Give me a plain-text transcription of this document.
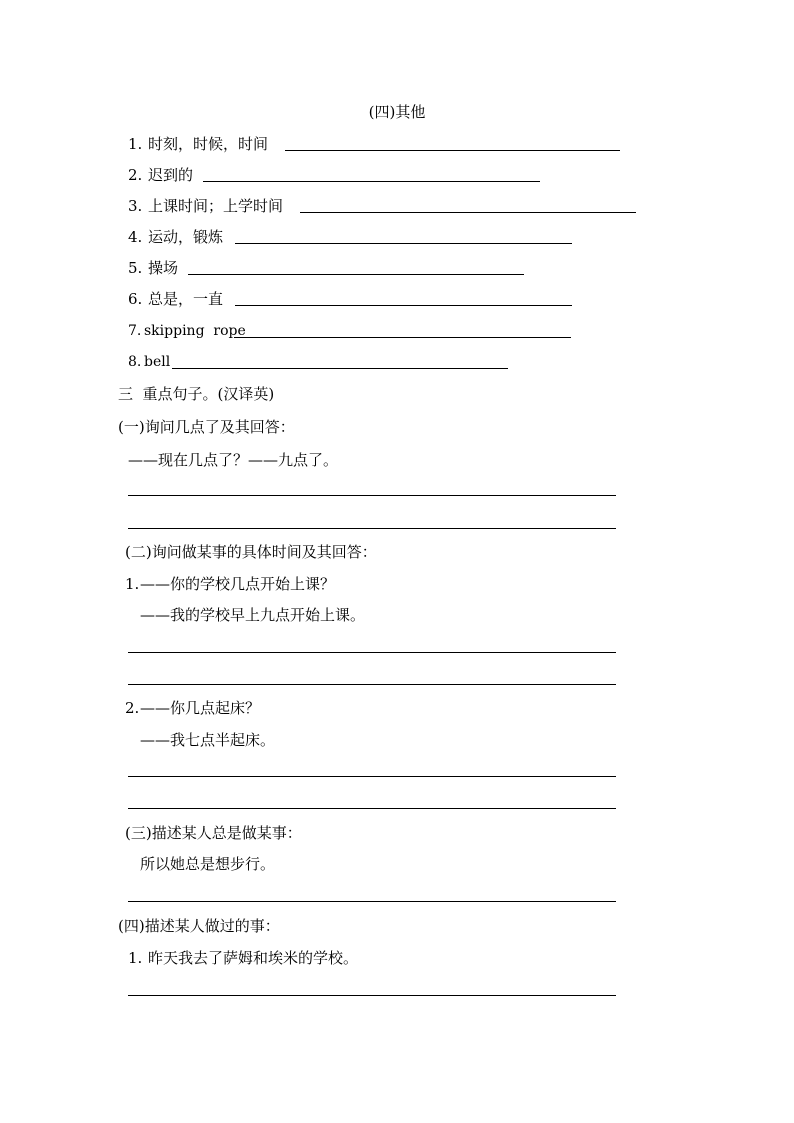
(四)其他
1. 时刻，时候，时间
2. 迟到的
3. 上课时间；上学时间
4. 运动，锻炼
5. 操场
6. 总是，一直
7. skipping  rope
8. bell
三  重点句子。(汉译英)
(一)询问几点了及其回答：
——现在几点了？——九点了。
(二)询问做某事的具体时间及其回答：
1. ——你的学校几点开始上课？
——我的学校早上九点开始上课。
2. ——你几点起床？
——我七点半起床。
(三)描述某人总是做某事：
所以她总是想步行。
(四)描述某人做过的事：
1. 昨天我去了萨姆和埃米的学校。
